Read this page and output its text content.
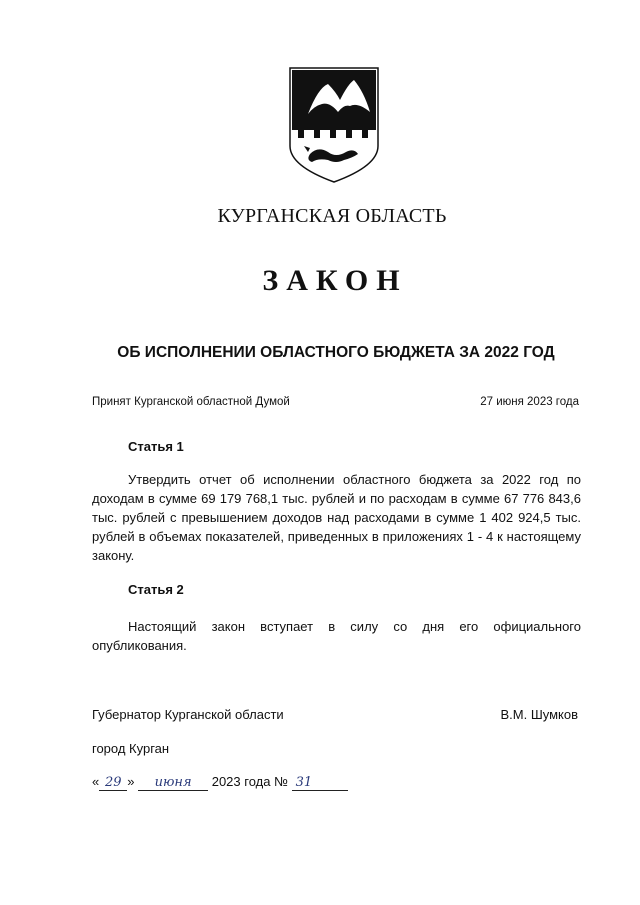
КУРГАНСКАЯ ОБЛАСТЬ
ЗАКОН
ОБ ИСПОЛНЕНИИ ОБЛАСТНОГО БЮДЖЕТА ЗА 2022 ГОД
Принят Курганской областной Думой	27 июня 2023 года
Статья 1
Утвердить отчет об исполнении областного бюджета за 2022 год по доходам в сумме 69 179 768,1 тыс. рублей и по расходам в сумме 67 776 843,6 тыс. рублей с превышением доходов над расходами в сумме 1 402 924,5 тыс. рублей в объемах показателей, приведенных в приложениях 1 - 4 к настоящему закону.
Статья 2
Настоящий закон вступает в силу со дня его официального опубликования.
Губернатор Курганской области	В.М. Шумков
город Курган
« 29 » июня 2023 года № 31
